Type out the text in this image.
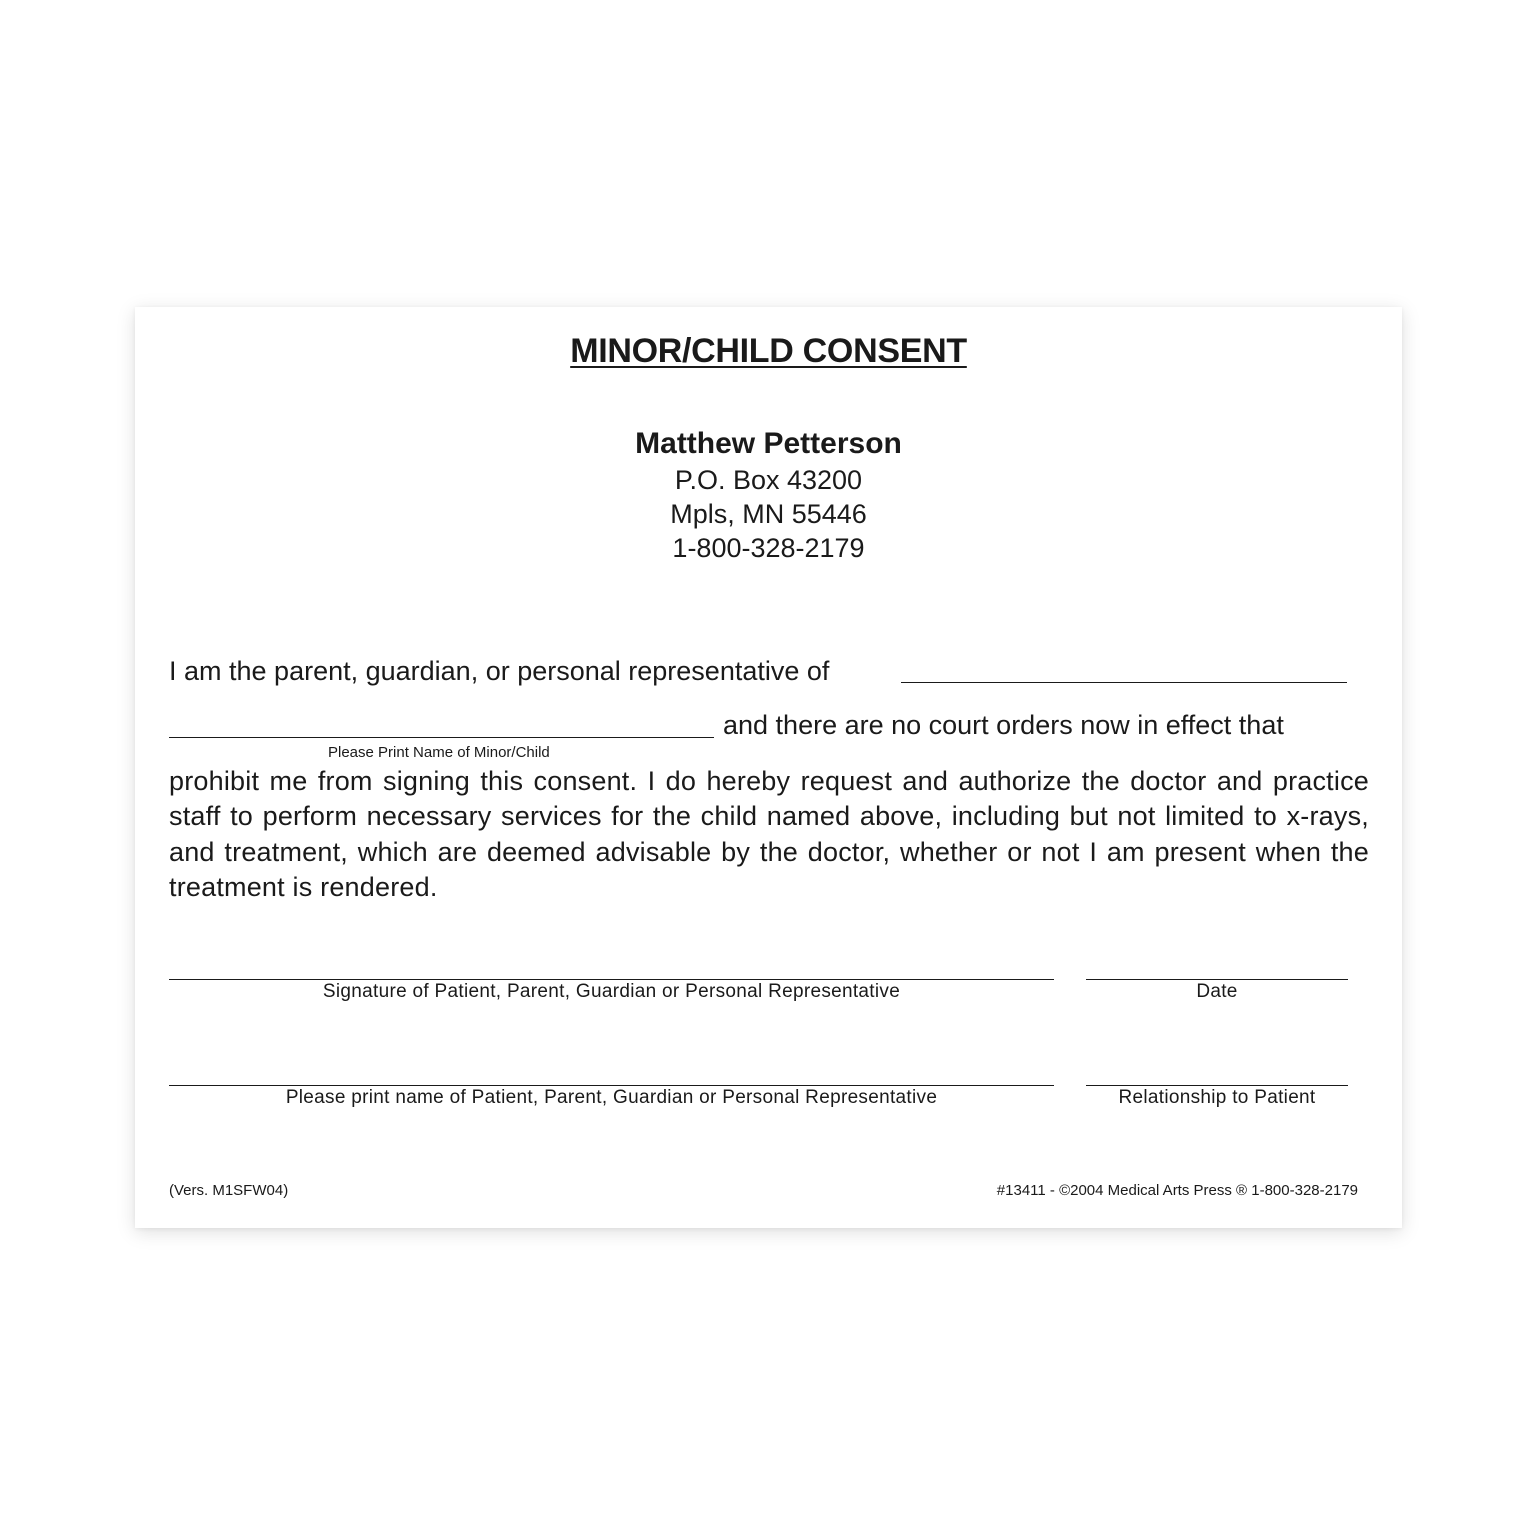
MINOR/CHILD CONSENT
Matthew Petterson
P.O. Box 43200
Mpls, MN 55446
1-800-328-2179
I am the parent, guardian, or personal representative of
and there are no court orders now in effect that
Please Print Name of Minor/Child
prohibit me from signing this consent. I do hereby request and authorize the doctor and practice staff to perform necessary services for the child named above, including but not limited to x-rays, and treatment, which are deemed advisable by the doctor, whether or not I am present when the treatment is rendered.
Signature of Patient, Parent, Guardian or Personal Representative	Date
Please print name of Patient, Parent, Guardian or Personal Representative	Relationship to Patient
(Vers. M1SFW04)	#13411 - ©2004 Medical Arts Press ® 1-800-328-2179
